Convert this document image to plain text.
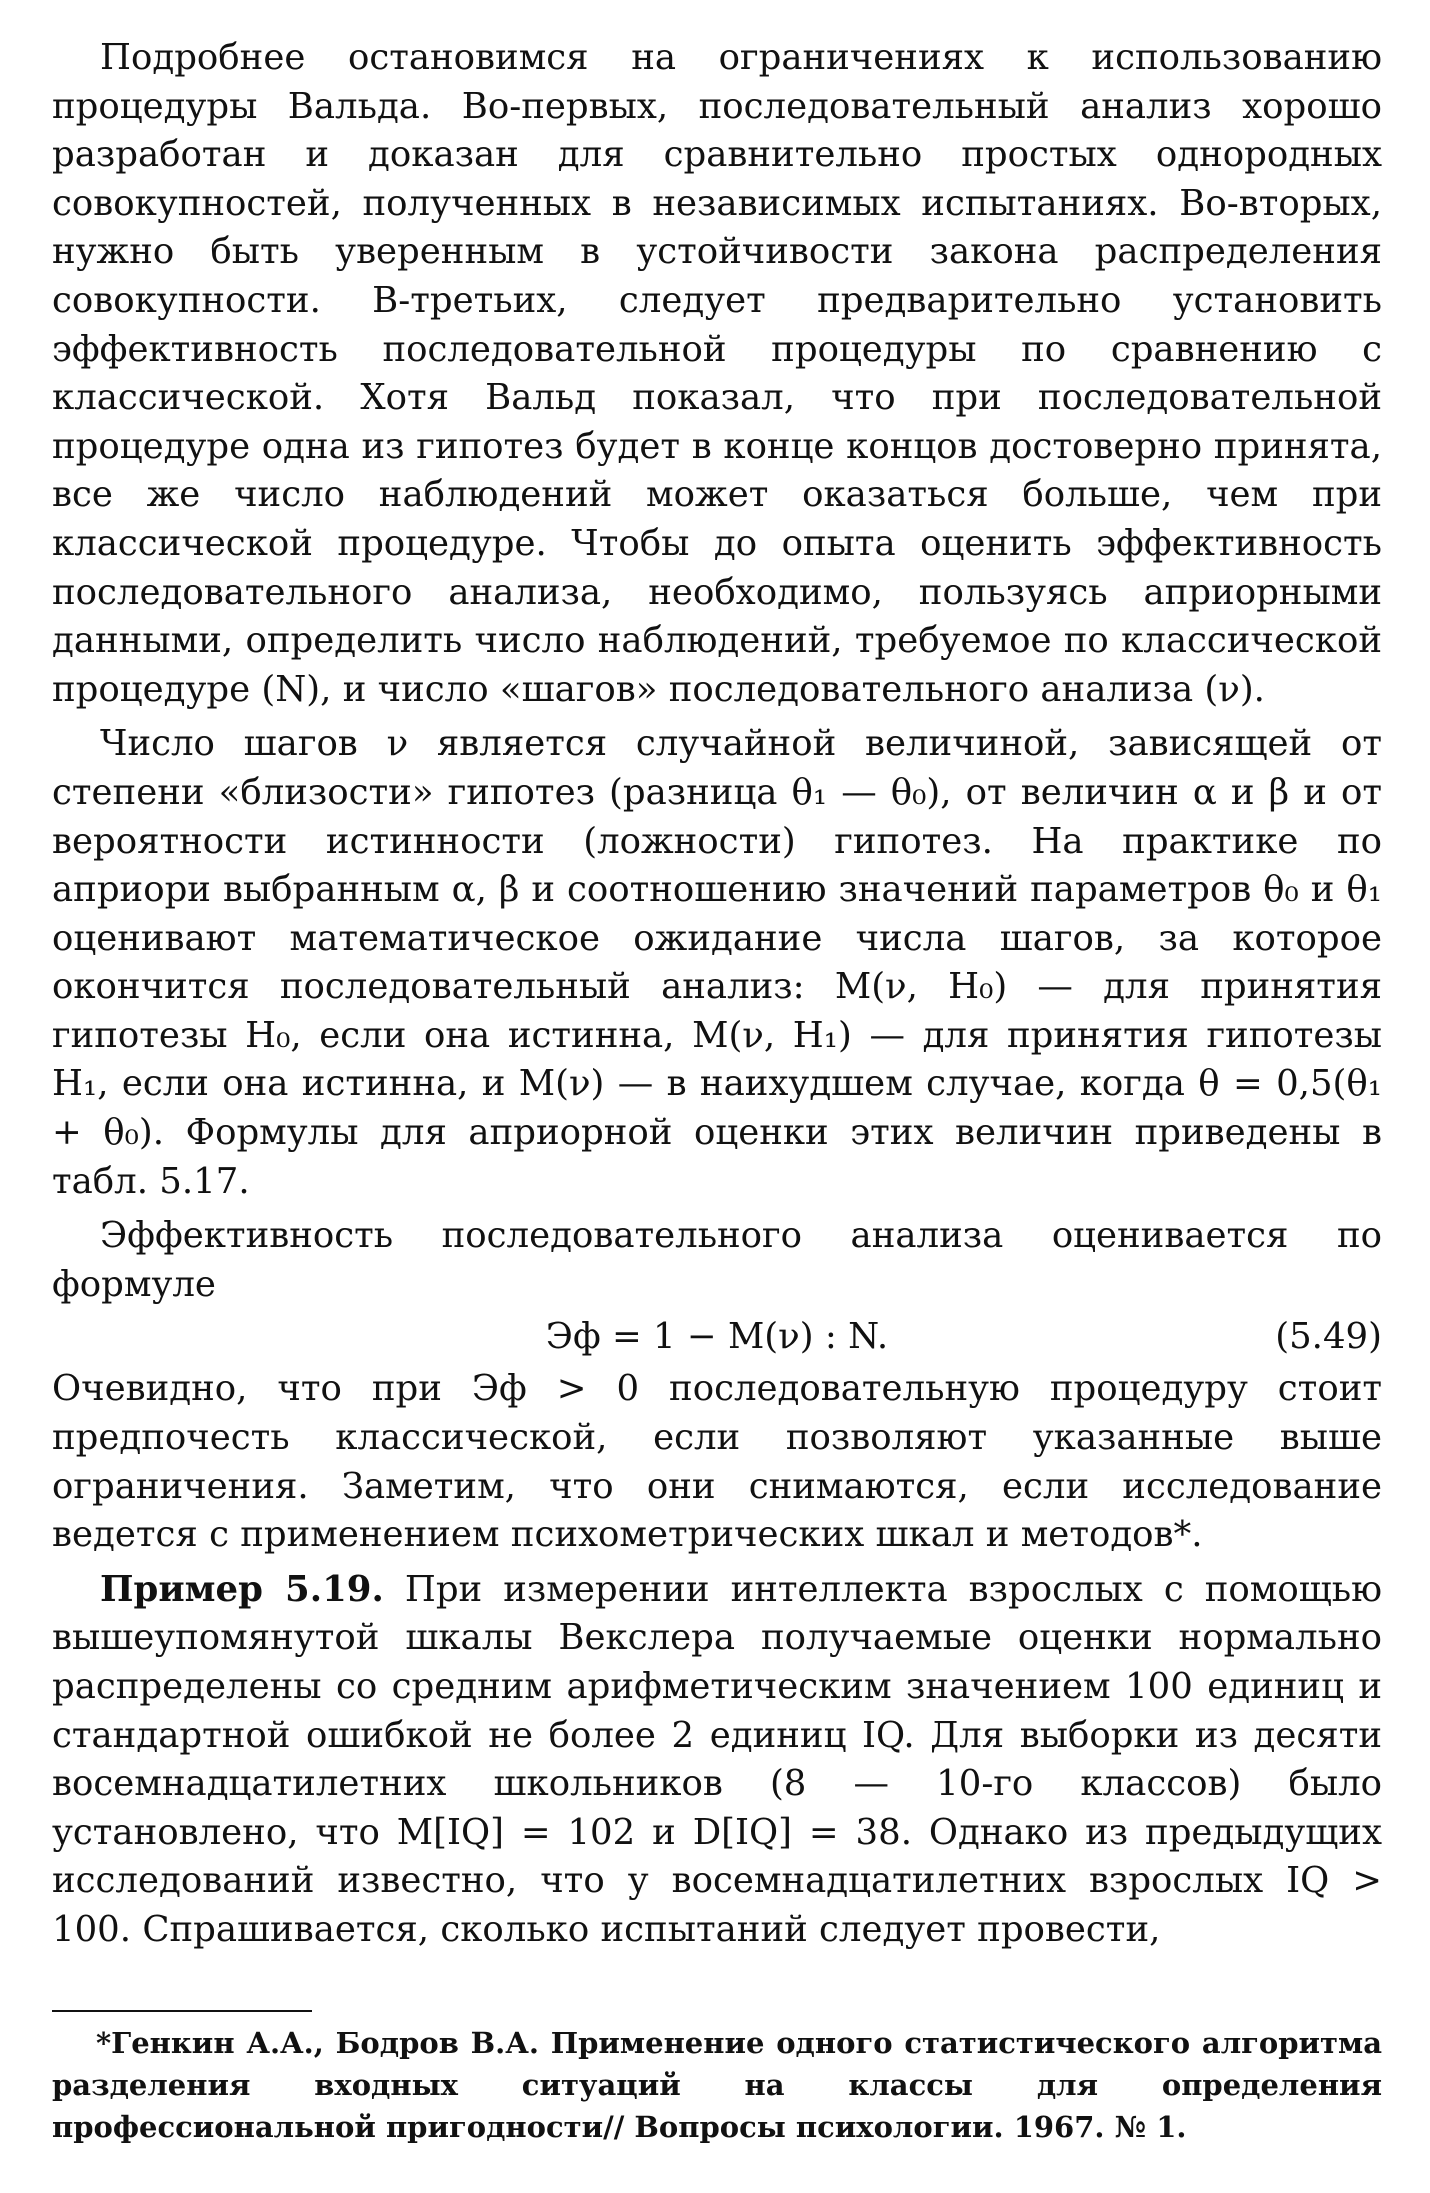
Подробнее остановимся на ограничениях к использованию процедуры Вальда. Во-первых, последовательный анализ хорошо разработан и доказан для сравнительно простых однородных совокупностей, полученных в независимых испытаниях. Во-вторых, нужно быть уверенным в устойчивости закона распределения совокупности. В-третьих, следует предварительно установить эффективность последовательной процедуры по сравнению с классической. Хотя Вальд показал, что при последовательной процедуре одна из гипотез будет в конце концов достоверно принята, все же число наблюдений может оказаться больше, чем при классической процедуре. Чтобы до опыта оценить эффективность последовательного анализа, необходимо, пользуясь априорными данными, определить число наблюдений, требуемое по классической процедуре (N), и число «шагов» последовательного анализа (ν).

Число шагов ν является случайной величиной, зависящей от степени «близости» гипотез (разница θ₁ — θ₀), от величин α и β и от вероятности истинности (ложности) гипотез. На практике по априори выбранным α, β и соотношению значений параметров θ₀ и θ₁ оценивают математическое ожидание числа шагов, за которое окончится последовательный анализ: M(ν, H₀) — для принятия гипотезы H₀, если она истинна, M(ν, H₁) — для принятия гипотезы H₁, если она истинна, и M(ν) — в наихудшем случае, когда θ = 0,5(θ₁ + θ₀). Формулы для априорной оценки этих величин приведены в табл. 5.17.

Эффективность последовательного анализа оценивается по формуле

Эф = 1 − M(ν) : N.	(5.49)

Очевидно, что при Эф > 0 последовательную процедуру стоит предпочесть классической, если позволяют указанные выше ограничения. Заметим, что они снимаются, если исследование ведется с применением психометрических шкал и методов*.

Пример 5.19. При измерении интеллекта взрослых с помощью вышеупомянутой шкалы Векслера получаемые оценки нормально распределены со средним арифметическим значением 100 единиц и стандартной ошибкой не более 2 единиц IQ. Для выборки из десяти восемнадцатилетних школьников (8 — 10-го классов) было установлено, что M[IQ] = 102 и D[IQ] = 38. Однако из предыдущих исследований известно, что у восемнадцатилетних взрослых IQ > 100. Спрашивается, сколько испытаний следует провести,

*Генкин А.А., Бодров В.А. Применение одного статистического алгоритма разделения входных ситуаций на классы для определения профессиональной пригодности// Вопросы психологии. 1967. № 1.
